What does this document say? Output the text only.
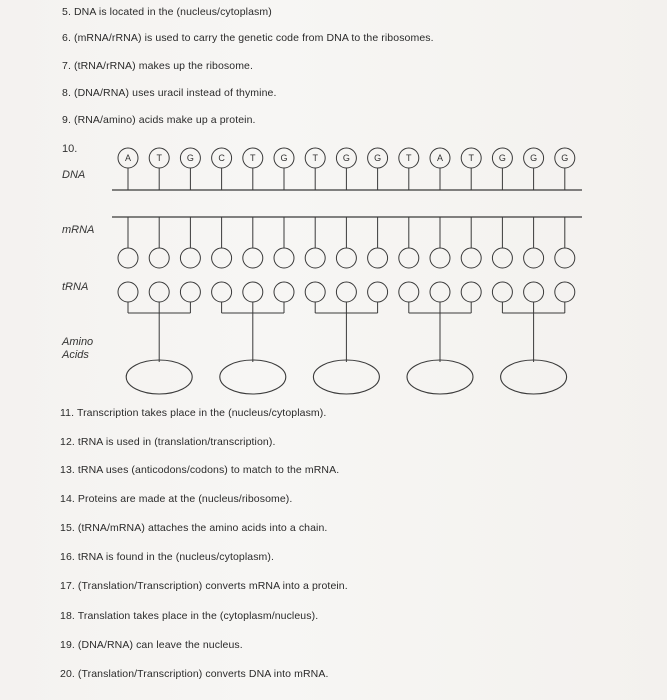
5. DNA is located in the (nucleus/cytoplasm)
6. (mRNA/rRNA) is used to carry the genetic code from DNA to the ribosomes.
7. (tRNA/rRNA) makes up the ribosome.
8. (DNA/RNA) uses uracil instead of thymine.
9. (RNA/amino) acids make up a protein.
10.
DNA
mRNA
tRNA
Amino Acids
A	T	G	C	T	G	T	G	G	T	A	T	G	G	G
11. Transcription takes place in the (nucleus/cytoplasm).
12. tRNA is used in (translation/transcription).
13. tRNA uses (anticodons/codons) to match to the mRNA.
14. Proteins are made at the (nucleus/ribosome).
15. (tRNA/mRNA) attaches the amino acids into a chain.
16. tRNA is found in the (nucleus/cytoplasm).
17. (Translation/Transcription) converts mRNA into a protein.
18. Translation takes place in the (cytoplasm/nucleus).
19. (DNA/RNA) can leave the nucleus.
20. (Translation/Transcription) converts DNA into mRNA.
